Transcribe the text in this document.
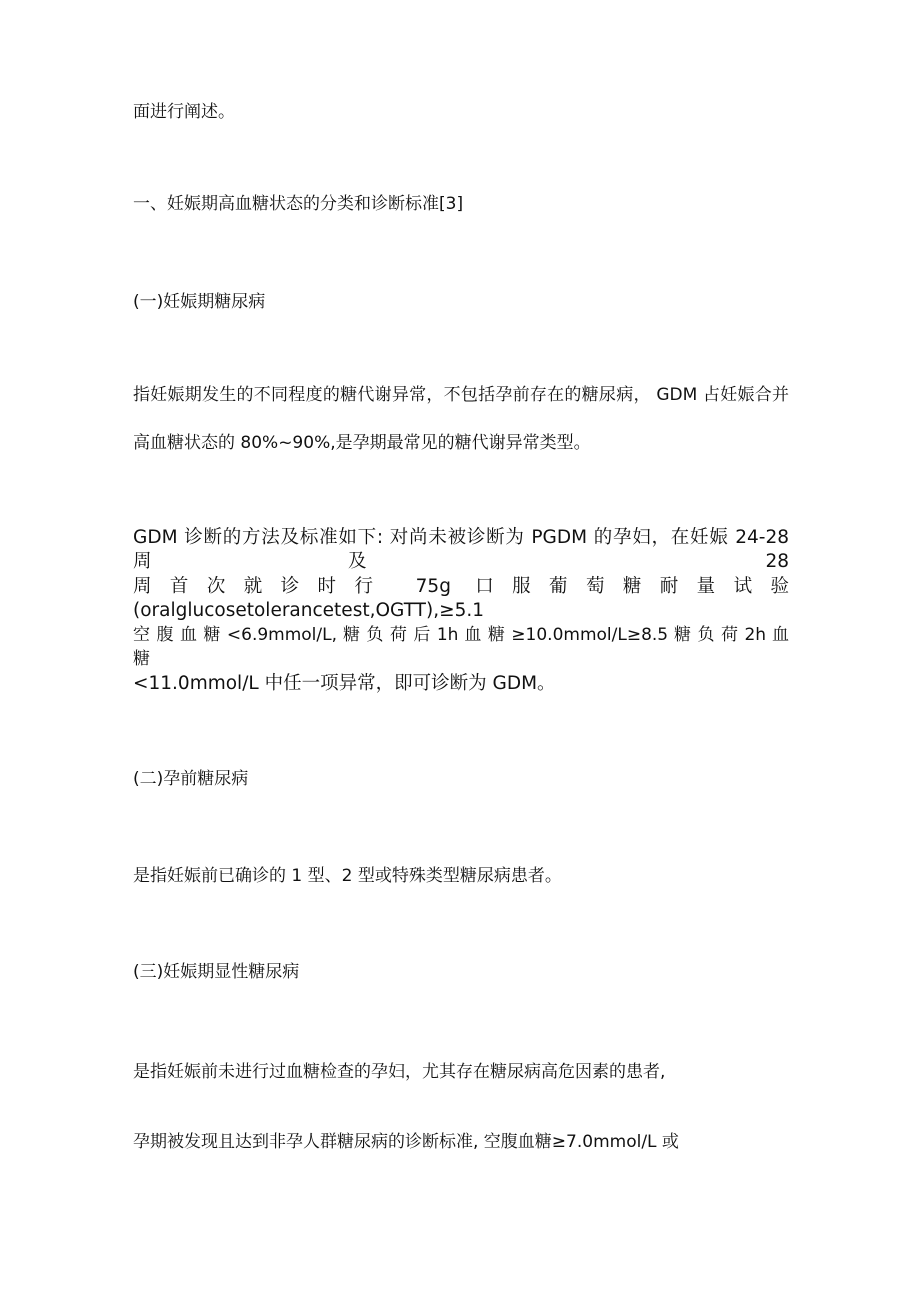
面进行阐述。
一、妊娠期高血糖状态的分类和诊断标准[3]
(一)妊娠期糖尿病
指妊娠期发生的不同程度的糖代谢异常，不包括孕前存在的糖尿病， GDM 占妊娠合并
高血糖状态的 80%~90%,是孕期最常见的糖代谢异常类型。
GDM 诊断的方法及标准如下: 对尚未被诊断为 PGDM 的孕妇，在妊娠 24-28 周及 28
周首次就诊时行 75g 口服葡萄糖耐量试验(oralglucosetolerancetest,OGTT),≥5.1
空 腹 血 糖 <6.9mmol∕L, 糖 负 荷 后 1h 血 糖 ≥10.0mmol∕L≥8.5 糖 负 荷 2h 血 糖
<11.0mmol∕L 中任一项异常，即可诊断为 GDM。
(二)孕前糖尿病
是指妊娠前已确诊的 1 型、2 型或特殊类型糖尿病患者。
(三)妊娠期显性糖尿病
是指妊娠前未进行过血糖检查的孕妇，尤其存在糖尿病高危因素的患者,
孕期被发现且达到非孕人群糖尿病的诊断标准, 空腹血糖≥7.0mmol∕L 或
